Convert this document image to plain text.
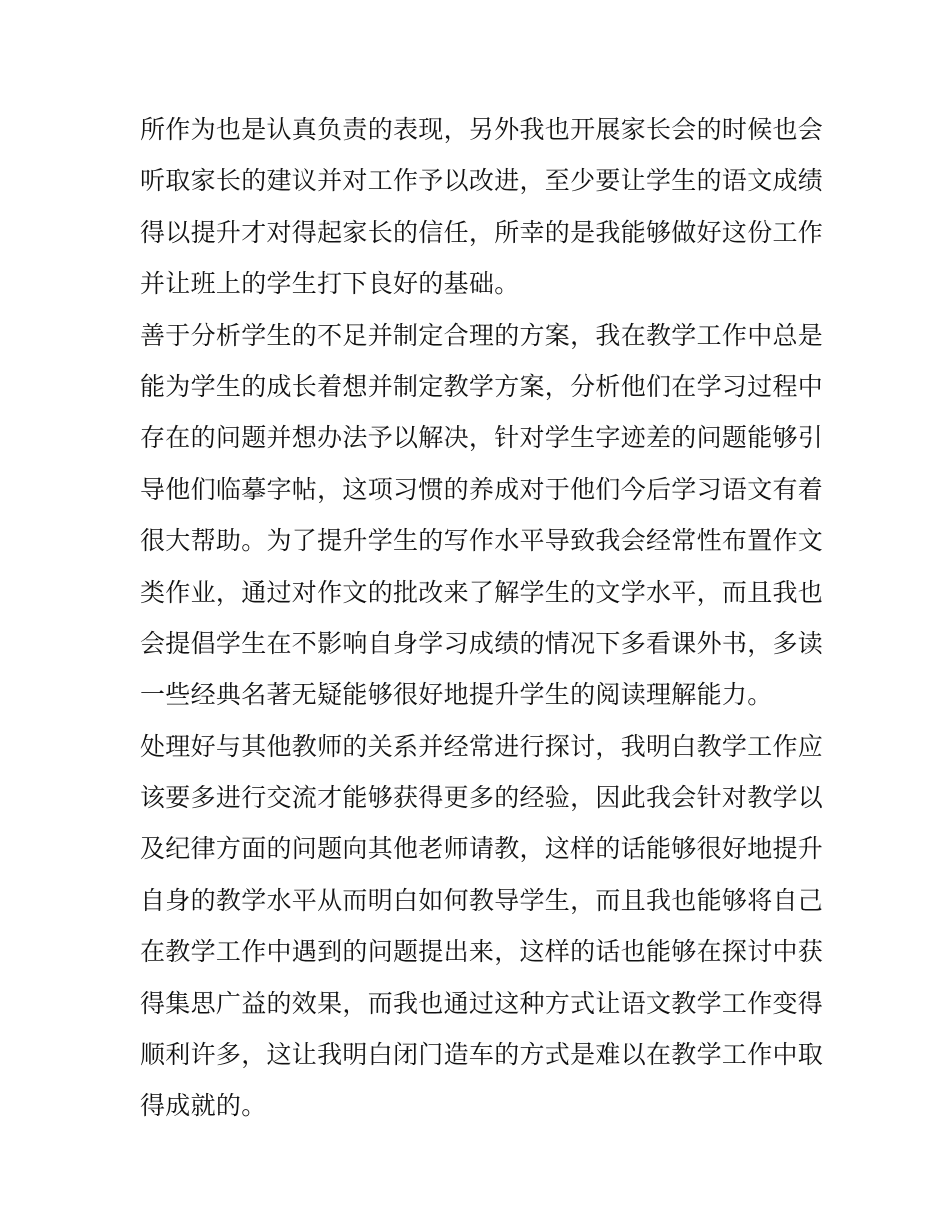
所作为也是认真负责的表现，另外我也开展家长会的时候也会
听取家长的建议并对工作予以改进，至少要让学生的语文成绩
得以提升才对得起家长的信任，所幸的是我能够做好这份工作
并让班上的学生打下良好的基础。
善于分析学生的不足并制定合理的方案，我在教学工作中总是
能为学生的成长着想并制定教学方案，分析他们在学习过程中
存在的问题并想办法予以解决，针对学生字迹差的问题能够引
导他们临摹字帖，这项习惯的养成对于他们今后学习语文有着
很大帮助。为了提升学生的写作水平导致我会经常性布置作文
类作业，通过对作文的批改来了解学生的文学水平，而且我也
会提倡学生在不影响自身学习成绩的情况下多看课外书，多读
一些经典名著无疑能够很好地提升学生的阅读理解能力。
处理好与其他教师的关系并经常进行探讨，我明白教学工作应
该要多进行交流才能够获得更多的经验，因此我会针对教学以
及纪律方面的问题向其他老师请教，这样的话能够很好地提升
自身的教学水平从而明白如何教导学生，而且我也能够将自己
在教学工作中遇到的问题提出来，这样的话也能够在探讨中获
得集思广益的效果，而我也通过这种方式让语文教学工作变得
顺利许多，这让我明白闭门造车的方式是难以在教学工作中取
得成就的。
